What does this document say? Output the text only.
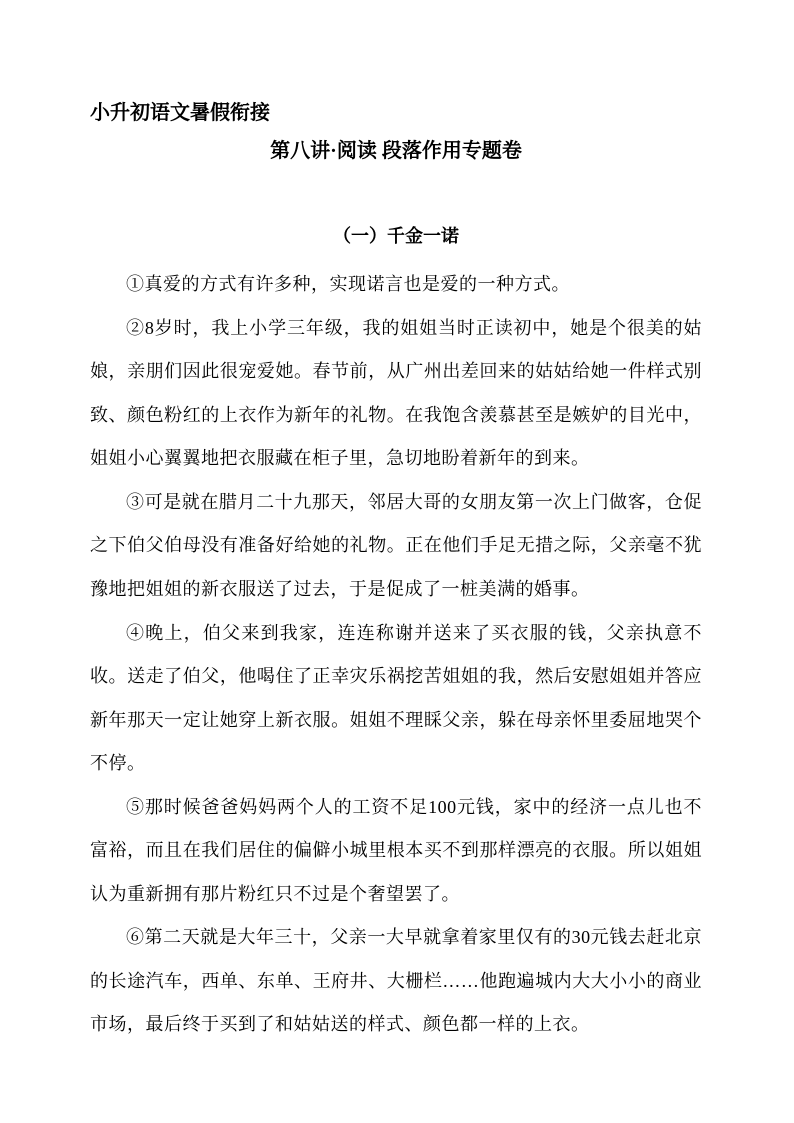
小升初语文暑假衔接
第八讲·阅读 段落作用专题卷
（一）千金一诺

①真爱的方式有许多种，实现诺言也是爱的一种方式。

②8岁时，我上小学三年级，我的姐姐当时正读初中，她是个很美的姑娘，亲朋们因此很宠爱她。春节前，从广州出差回来的姑姑给她一件样式别致、颜色粉红的上衣作为新年的礼物。在我饱含羡慕甚至是嫉妒的目光中，姐姐小心翼翼地把衣服藏在柜子里，急切地盼着新年的到来。

③可是就在腊月二十九那天，邻居大哥的女朋友第一次上门做客，仓促之下伯父伯母没有准备好给她的礼物。正在他们手足无措之际，父亲毫不犹豫地把姐姐的新衣服送了过去，于是促成了一桩美满的婚事。

④晚上，伯父来到我家，连连称谢并送来了买衣服的钱，父亲执意不收。送走了伯父，他喝住了正幸灾乐祸挖苦姐姐的我，然后安慰姐姐并答应新年那天一定让她穿上新衣服。姐姐不理睬父亲，躲在母亲怀里委屈地哭个不停。

⑤那时候爸爸妈妈两个人的工资不足100元钱，家中的经济一点儿也不富裕，而且在我们居住的偏僻小城里根本买不到那样漂亮的衣服。所以姐姐认为重新拥有那片粉红只不过是个奢望罢了。

⑥第二天就是大年三十，父亲一大早就拿着家里仅有的30元钱去赶北京的长途汽车，西单、东单、王府井、大栅栏……他跑遍城内大大小小的商业市场，最后终于买到了和姑姑送的样式、颜色都一样的上衣。
